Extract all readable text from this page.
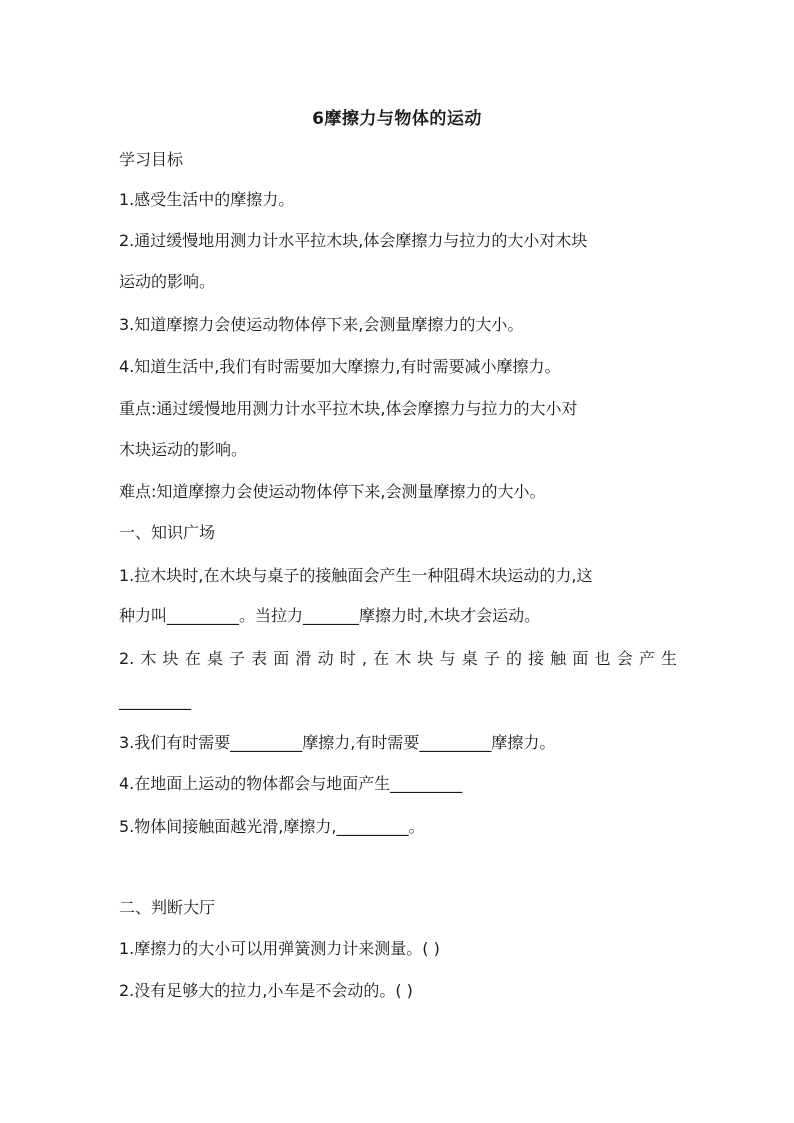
6摩擦力与物体的运动
学习目标
1.感受生活中的摩擦力。
2.通过缓慢地用测力计水平拉木块,体会摩擦力与拉力的大小对木块
运动的影响。
3.知道摩擦力会使运动物体停下来,会测量摩擦力的大小。
4.知道生活中,我们有时需要加大摩擦力,有时需要减小摩擦力。
重点:通过缓慢地用测力计水平拉木块,体会摩擦力与拉力的大小对
木块运动的影响。
难点:知道摩擦力会使运动物体停下来,会测量摩擦力的大小。
一、知识广场
1.拉木块时,在木块与桌子的接触面会产生一种阻碍木块运动的力,这
种力叫_________。当拉力_______摩擦力时,木块才会运动。
2.木块在桌子表面滑动时,在木块与桌子的接触面也会产生
_________
3.我们有时需要_________摩擦力,有时需要_________摩擦力。
4.在地面上运动的物体都会与地面产生_________
5.物体间接触面越光滑,摩擦力,_________。
二、判断大厅
1.摩擦力的大小可以用弹簧测力计来测量。( )
2.没有足够大的拉力,小车是不会动的。( )
